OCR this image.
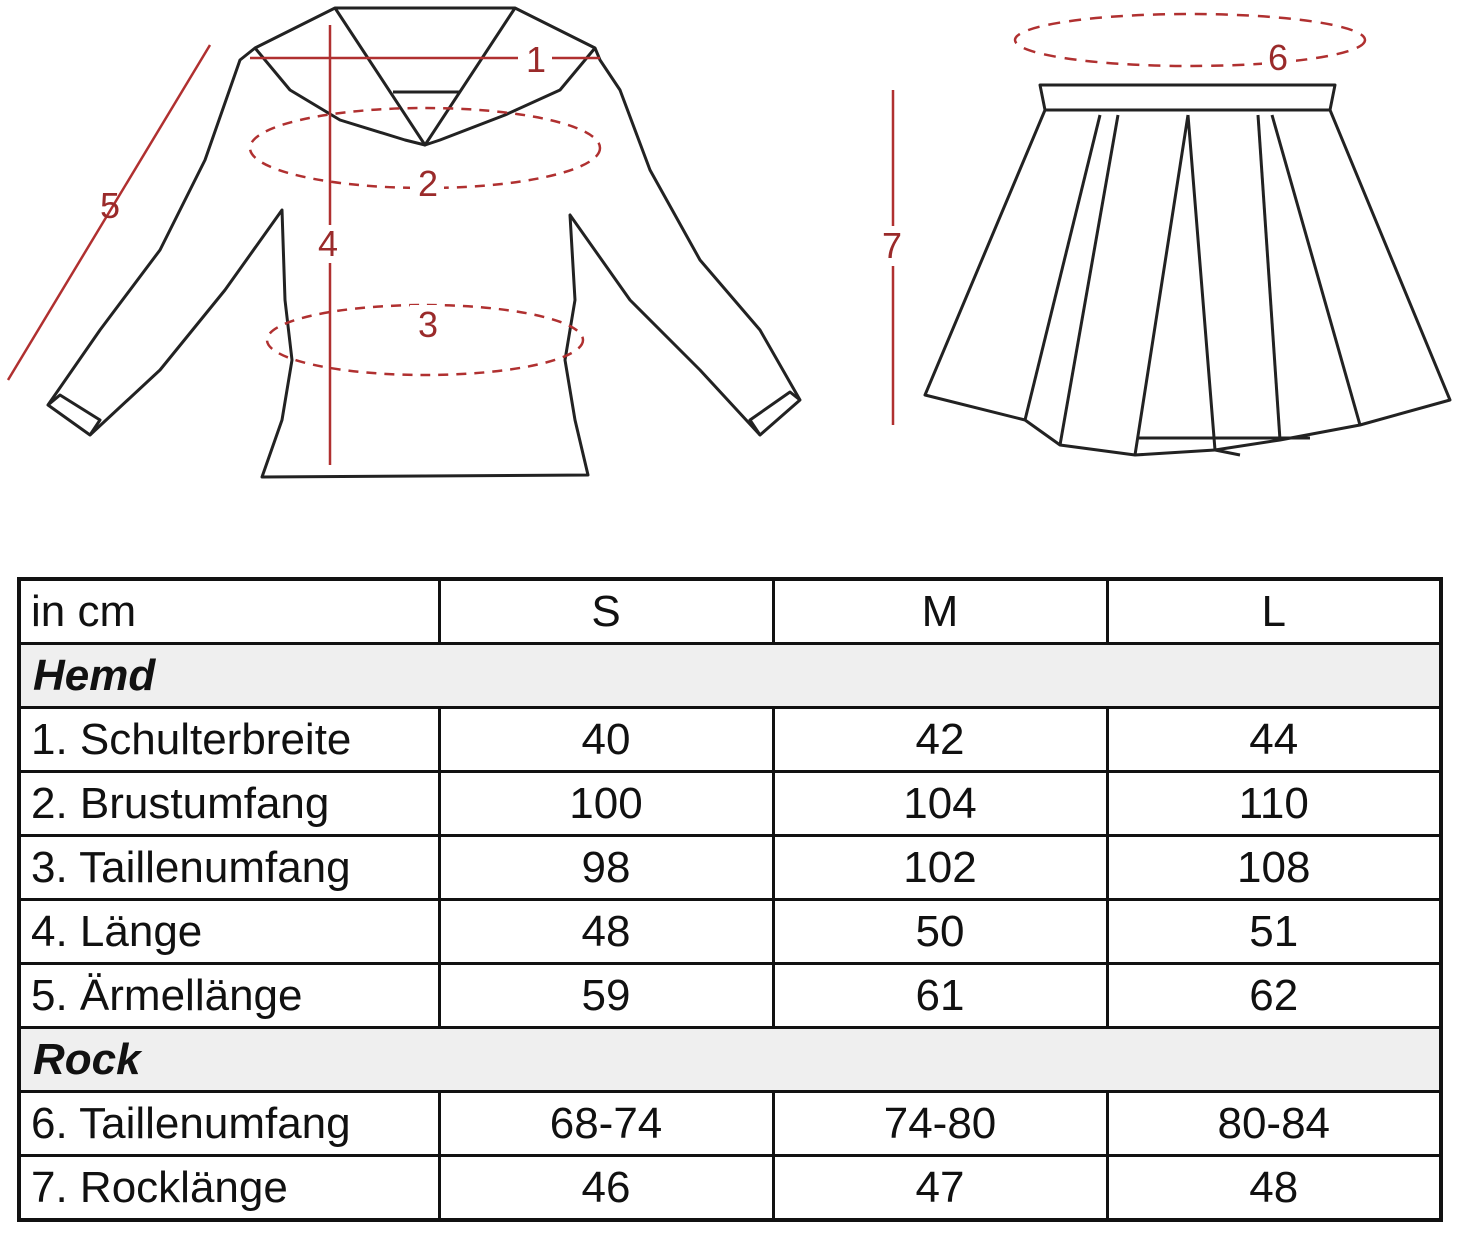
1
2
3
4
5
6
7
in cm	S	M	L
Hemd			
1. Schulterbreite	40	42	44
2. Brustumfang	100	104	110
3. Taillenumfang	98	102	108
4. Länge	48	50	51
5. Ärmellänge	59	61	62
Rock			
6. Taillenumfang	68-74	74-80	80-84
7. Rocklänge	46	47	48
